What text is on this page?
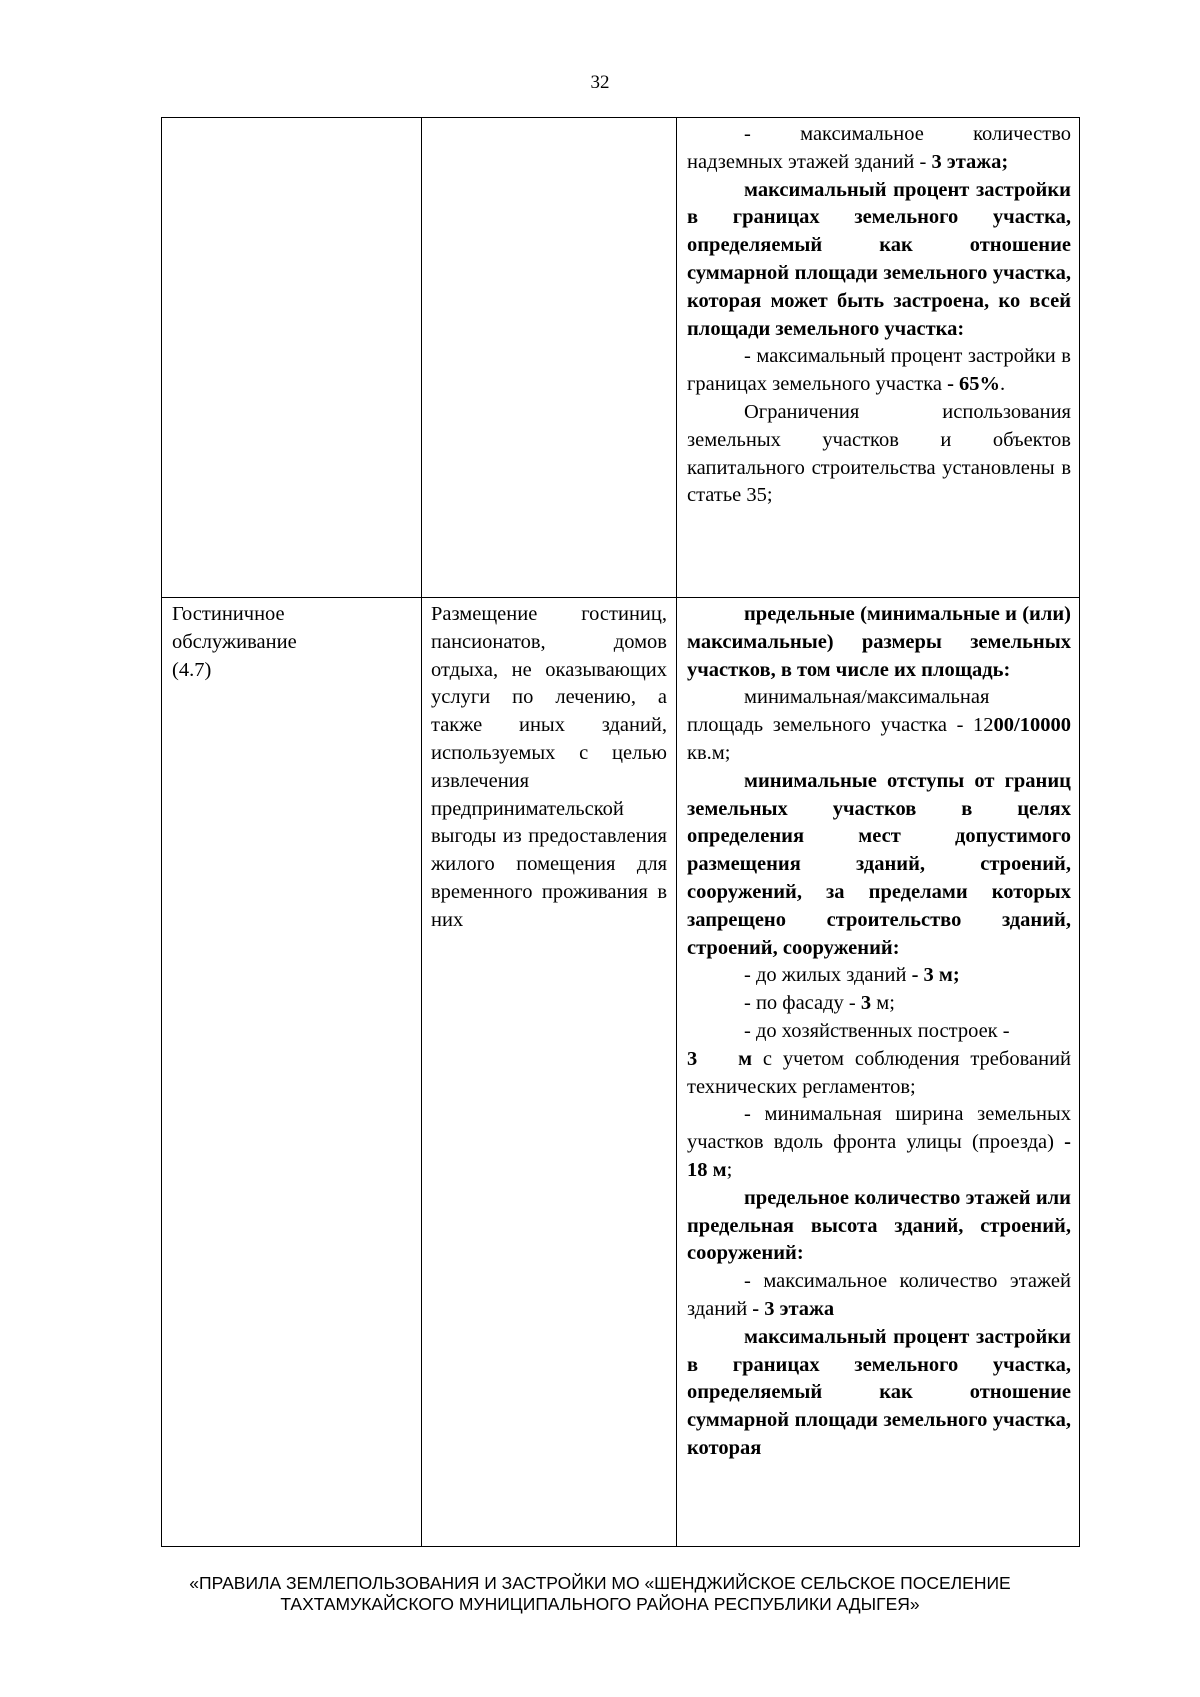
32

- максимальное количество надземных этажей зданий - 3 этажа;

максимальный процент застройки в границах земельного участка, определяемый как отношение суммарной площади земельного участка, которая может быть застроена, ко всей площади земельного участка:

- максимальный процент застройки в границах земельного участка - 65%.

Ограничения использования земельных участков и объектов капитального строительства установлены в статье 35;

Гостиничное обслуживание

(4.7)

Размещение гостиниц, пансионатов, домов отдыха, не оказывающих услуги по лечению, а также иных зданий, используемых с целью извлечения предпринимательской выгоды из предоставления жилого помещения для временного проживания в них

предельные (минимальные и (или) максимальные) размеры земельных участков, в том числе их площадь:

минимальная/максимальная

площадь земельного участка - 1200/10000 кв.м;

минимальные отступы от границ земельных участков в целях определения мест допустимого размещения зданий, строений, сооружений, за пределами которых запрещено строительство зданий, строений, сооружений:

- до жилых зданий - 3 м;

- по фасаду - 3 м;

- до хозяйственных построек -

3 м с учетом соблюдения требований технических регламентов;

- минимальная ширина земельных участков вдоль фронта улицы (проезда) - 18 м;

предельное количество этажей или предельная высота зданий, строений, сооружений:

- максимальное количество этажей зданий - 3 этажа

максимальный процент застройки в границах земельного участка, определяемый как отношение суммарной площади земельного участка, которая

«ПРАВИЛА ЗЕМЛЕПОЛЬЗОВАНИЯ И ЗАСТРОЙКИ МО «ШЕНДЖИЙСКОЕ СЕЛЬСКОЕ ПОСЕЛЕНИЕ
ТАХТАМУКАЙСКОГО МУНИЦИПАЛЬНОГО РАЙОНА РЕСПУБЛИКИ АДЫГЕЯ»
